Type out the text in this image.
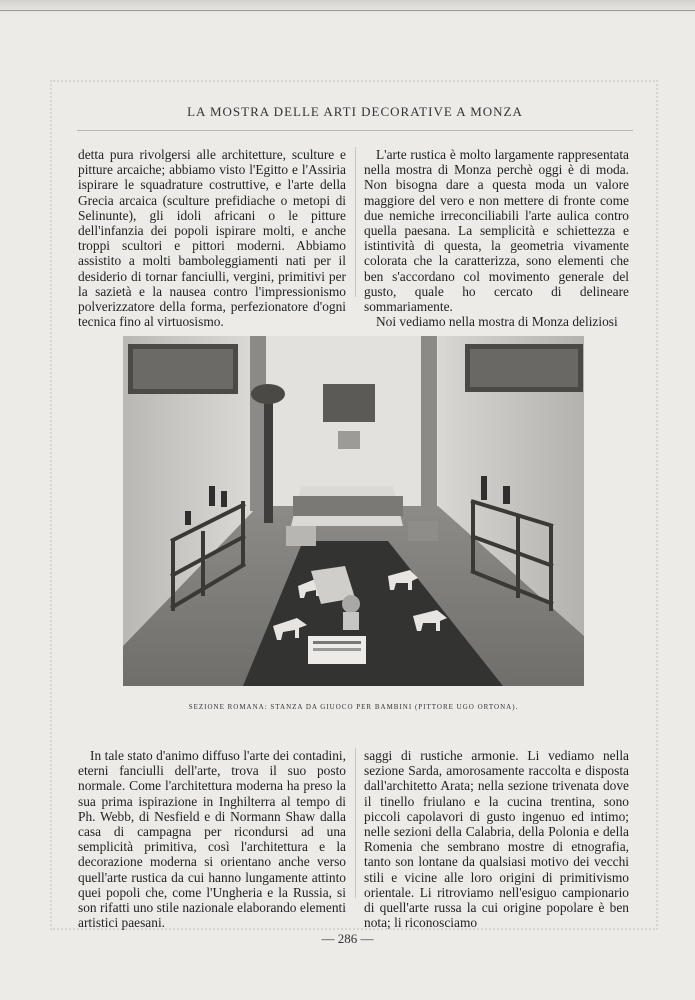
LA MOSTRA DELLE ARTI DECORATIVE A MONZA

detta pura rivolgersi alle architetture, sculture e pitture arcaiche; abbiamo visto l'Egitto e l'Assiria ispirare le squadrature costruttive, e l'arte della Grecia arcaica (sculture prefidiache o metopi di Selinunte), gli idoli africani o le pitture dell'infanzia dei popoli ispirare molti, e anche troppi scultori e pittori moderni. Abbiamo assistito a molti bamboleggiamenti nati per il desiderio di tornar fanciulli, vergini, primitivi per la sazietà e la nausea contro l'impressionismo polverizzatore della forma, perfezionatore d'ogni tecnica fino al virtuosismo.

L'arte rustica è molto largamente rappresentata nella mostra di Monza perchè oggi è di moda. Non bisogna dare a questa moda un valore maggiore del vero e non mettere di fronte come due nemiche irreconciliabili l'arte aulica contro quella paesana. La semplicità e schiettezza e istintività di questa, la geometria vivamente colorata che la caratterizza, sono elementi che ben s'accordano col movimento generale del gusto, quale ho cercato di delineare sommariamente.

Noi vediamo nella mostra di Monza deliziosi

SEZIONE ROMANA: STANZA DA GIUOCO PER BAMBINI (PITTORE UGO ORTONA).

In tale stato d'animo diffuso l'arte dei contadini, eterni fanciulli dell'arte, trova il suo posto normale. Come l'architettura moderna ha preso la sua prima ispirazione in Inghilterra al tempo di Ph. Webb, di Nesfield e di Normann Shaw dalla casa di campagna per ricondursi ad una semplicità primitiva, così l'architettura e la decorazione moderna si orientano anche verso quell'arte rustica da cui hanno lungamente attinto quei popoli che, come l'Ungheria e la Russia, si son rifatti uno stile nazionale elaborando elementi artistici paesani.

saggi di rustiche armonie. Li vediamo nella sezione Sarda, amorosamente raccolta e disposta dall'architetto Arata; nella sezione trivenata dove il tinello friulano e la cucina trentina, sono piccoli capolavori di gusto ingenuo ed intimo; nelle sezioni della Calabria, della Polonia e della Romenia che sembrano mostre di etnografia, tanto son lontane da qualsiasi motivo dei vecchi stili e vicine alle loro origini di primitivismo orientale. Li ritroviamo nell'esiguo campionario di quell'arte russa la cui origine popolare è ben nota; li riconosciamo

— 286 —
